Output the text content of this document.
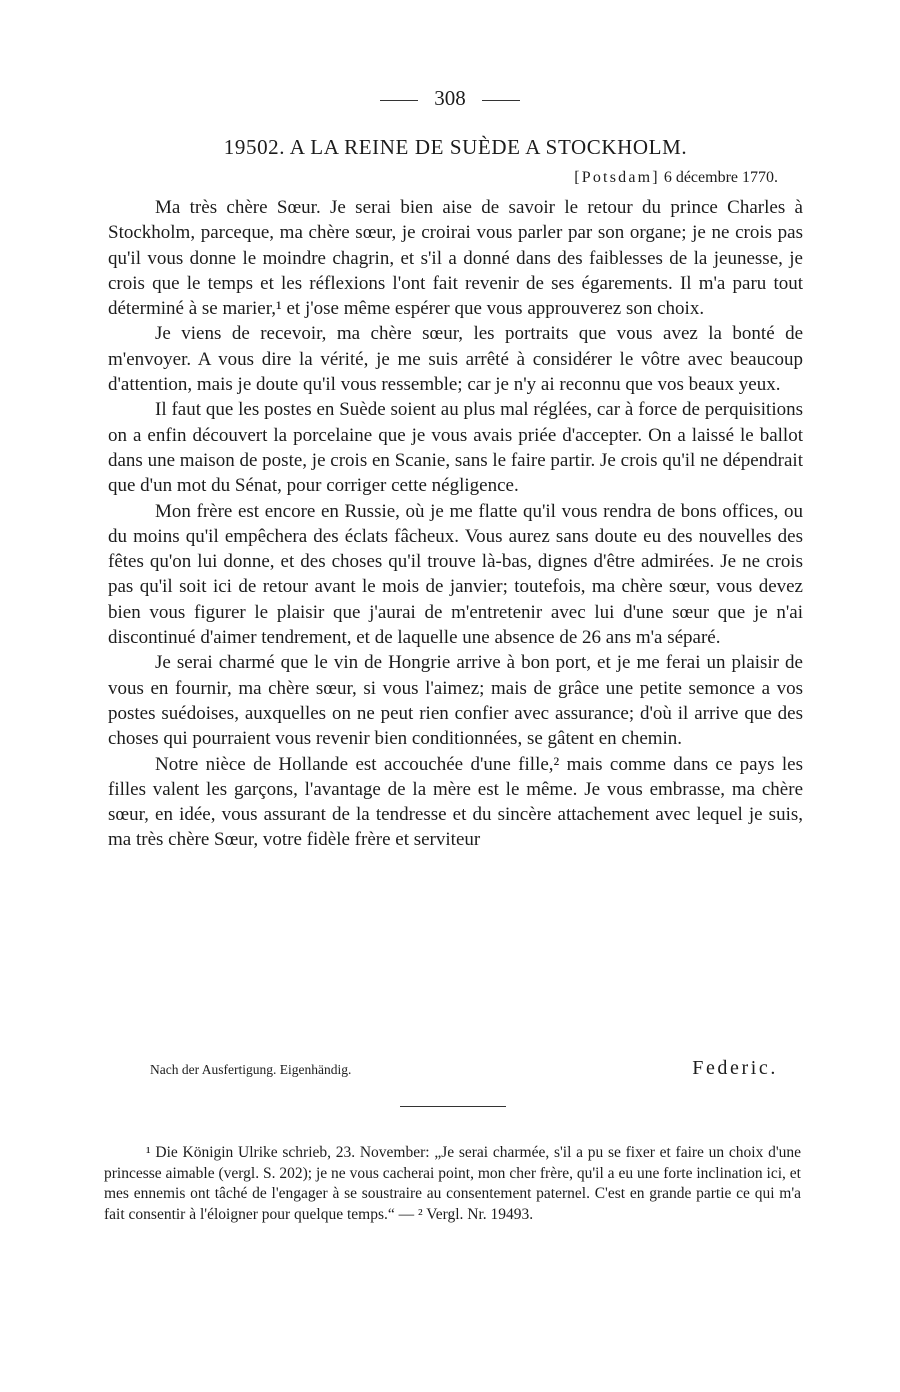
308
19502. A LA REINE DE SUÈDE A STOCKHOLM.
[Potsdam] 6 décembre 1770.

Ma très chère Sœur. Je serai bien aise de savoir le retour du prince Charles à Stockholm, parceque, ma chère sœur, je croirai vous parler par son organe; je ne crois pas qu'il vous donne le moindre chagrin, et s'il a donné dans des faiblesses de la jeunesse, je crois que le temps et les réflexions l'ont fait revenir de ses égarements. Il m'a paru tout déterminé à se marier,¹ et j'ose même espérer que vous approuverez son choix.

Je viens de recevoir, ma chère sœur, les portraits que vous avez la bonté de m'envoyer. A vous dire la vérité, je me suis arrêté à considérer le vôtre avec beaucoup d'attention, mais je doute qu'il vous ressemble; car je n'y ai reconnu que vos beaux yeux.

Il faut que les postes en Suède soient au plus mal réglées, car à force de perquisitions on a enfin découvert la porcelaine que je vous avais priée d'accepter. On a laissé le ballot dans une maison de poste, je crois en Scanie, sans le faire partir. Je crois qu'il ne dépendrait que d'un mot du Sénat, pour corriger cette négligence.

Mon frère est encore en Russie, où je me flatte qu'il vous rendra de bons offices, ou du moins qu'il empêchera des éclats fâcheux. Vous aurez sans doute eu des nouvelles des fêtes qu'on lui donne, et des choses qu'il trouve là-bas, dignes d'être admirées. Je ne crois pas qu'il soit ici de retour avant le mois de janvier; toutefois, ma chère sœur, vous devez bien vous figurer le plaisir que j'aurai de m'entretenir avec lui d'une sœur que je n'ai discontinué d'aimer tendrement, et de laquelle une absence de 26 ans m'a séparé.

Je serai charmé que le vin de Hongrie arrive à bon port, et je me ferai un plaisir de vous en fournir, ma chère sœur, si vous l'aimez; mais de grâce une petite semonce a vos postes suédoises, auxquelles on ne peut rien confier avec assurance; d'où il arrive que des choses qui pourraient vous revenir bien conditionnées, se gâtent en chemin.

Notre nièce de Hollande est accouchée d'une fille,² mais comme dans ce pays les filles valent les garçons, l'avantage de la mère est le même. Je vous embrasse, ma chère sœur, en idée, vous assurant de la tendresse et du sincère attachement avec lequel je suis, ma très chère Sœur, votre fidèle frère et serviteur

Nach der Ausfertigung. Eigenhändig.	Federic.

¹ Die Königin Ulrike schrieb, 23. November: „Je serai charmée, s'il a pu se fixer et faire un choix d'une princesse aimable (vergl. S. 202); je ne vous cacherai point, mon cher frère, qu'il a eu une forte inclination ici, et mes ennemis ont tâché de l'engager à se soustraire au consentement paternel. C'est en grande partie ce qui m'a fait consentir à l'éloigner pour quelque temps.“ — ² Vergl. Nr. 19493.
